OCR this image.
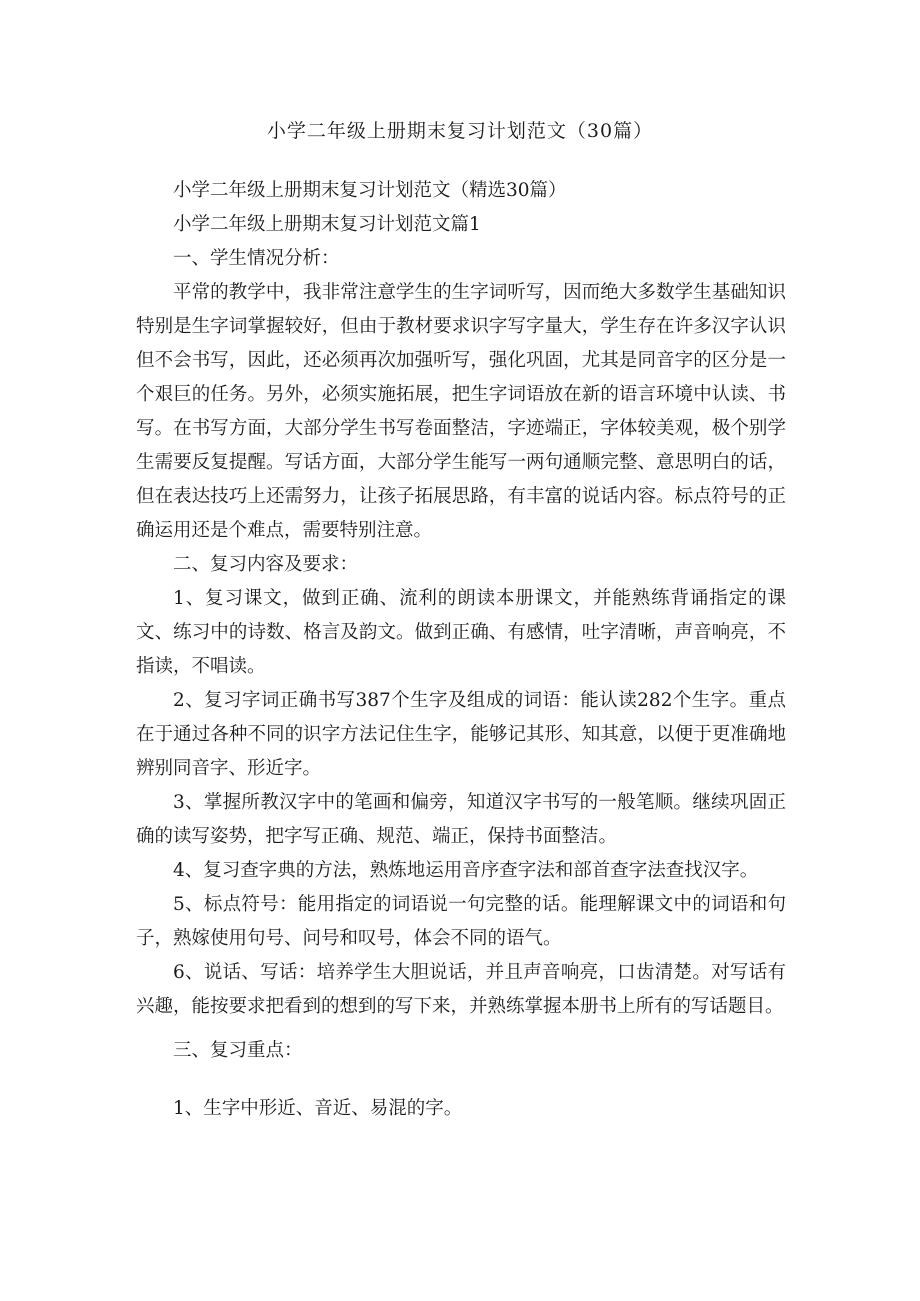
小学二年级上册期末复习计划范文（30篇）

小学二年级上册期末复习计划范文（精选30篇）

小学二年级上册期末复习计划范文篇1

一、学生情况分析：

平常的教学中，我非常注意学生的生字词听写，因而绝大多数学生基础知识特别是生字词掌握较好，但由于教材要求识字写字量大，学生存在许多汉字认识但不会书写，因此，还必须再次加强听写，强化巩固，尤其是同音字的区分是一个艰巨的任务。另外，必须实施拓展，把生字词语放在新的语言环境中认读、书写。在书写方面，大部分学生书写卷面整洁，字迹端正，字体较美观，极个别学生需要反复提醒。写话方面，大部分学生能写一两句通顺完整、意思明白的话，但在表达技巧上还需努力，让孩子拓展思路，有丰富的说话内容。标点符号的正确运用还是个难点，需要特别注意。

二、复习内容及要求：

1、复习课文，做到正确、流利的朗读本册课文，并能熟练背诵指定的课文、练习中的诗数、格言及韵文。做到正确、有感情，吐字清晰，声音响亮，不指读，不唱读。

2、复习字词正确书写387个生字及组成的词语：能认读282个生字。重点在于通过各种不同的识字方法记住生字，能够记其形、知其意，以便于更准确地辨别同音字、形近字。

3、掌握所教汉字中的笔画和偏旁，知道汉字书写的一般笔顺。继续巩固正确的读写姿势，把字写正确、规范、端正，保持书面整洁。

4、复习查字典的方法，熟炼地运用音序查字法和部首查字法查找汉字。

5、标点符号：能用指定的词语说一句完整的话。能理解课文中的词语和句子，熟嫁使用句号、问号和叹号，体会不同的语气。

6、说话、写话：培养学生大胆说话，并且声音响亮，口齿清楚。对写话有兴趣，能按要求把看到的想到的写下来，并熟练掌握本册书上所有的写话题目。

三、复习重点：

1、生字中形近、音近、易混的字。
